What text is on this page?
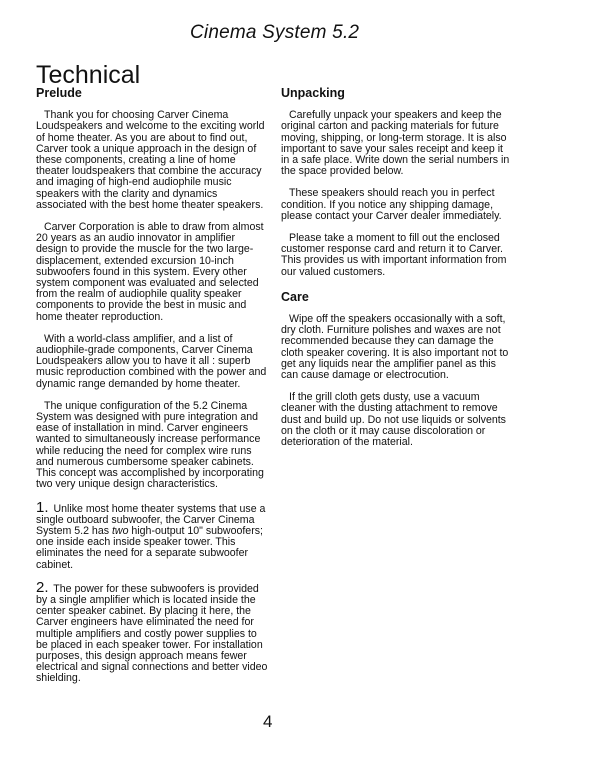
Cinema System 5.2
Technical
Prelude

Thank you for choosing Carver Cinema Loudspeakers and welcome to the exciting world of home theater. As you are about to find out, Carver took a unique approach in the design of these components, creating a line of home theater loudspeakers that combine the accuracy and imaging of high-end audiophile music speakers with the clarity and dynamics associated with the best home theater speakers.

Carver Corporation is able to draw from almost 20 years as an audio innovator in amplifier design to provide the muscle for the two large-displacement, extended excursion 10-inch subwoofers found in this system. Every other system component was evaluated and selected from the realm of audiophile quality speaker components to provide the best in music and home theater reproduction.

With a world-class amplifier, and a list of audiophile-grade components, Carver Cinema Loudspeakers allow you to have it all : superb music reproduction combined with the power and dynamic range demanded by home theater.

The unique configuration of the 5.2 Cinema System was designed with pure integration and ease of installation in mind. Carver engineers wanted to simultaneously increase performance while reducing the need for complex wire runs and numerous cumbersome speaker cabinets. This concept was accomplished by incorporating two very unique design characteristics.

1. Unlike most home theater systems that use a single outboard subwoofer, the Carver Cinema System 5.2 has two high-output 10" subwoofers; one inside each inside speaker tower. This eliminates the need for a separate subwoofer cabinet.

2. The power for these subwoofers is provided by a single amplifier which is located inside the center speaker cabinet. By placing it here, the Carver engineers have eliminated the need for multiple amplifiers and costly power supplies to be placed in each speaker tower. For installation purposes, this design approach means fewer electrical and signal connections and better video shielding.

Unpacking

Carefully unpack your speakers and keep the original carton and packing materials for future moving, shipping, or long-term storage. It is also important to save your sales receipt and keep it in a safe place. Write down the serial numbers in the space provided below.

These speakers should reach you in perfect condition. If you notice any shipping damage, please contact your Carver dealer immediately.

Please take a moment to fill out the enclosed customer response card and return it to Carver. This provides us with important information from our valued customers.

Care

Wipe off the speakers occasionally with a soft, dry cloth. Furniture polishes and waxes are not recommended because they can damage the cloth speaker covering. It is also important not to get any liquids near the amplifier panel as this can cause damage or electrocution.

If the grill cloth gets dusty, use a vacuum cleaner with the dusting attachment to remove dust and build up. Do not use liquids or solvents on the cloth or it may cause discoloration or deterioration of the material.

4
